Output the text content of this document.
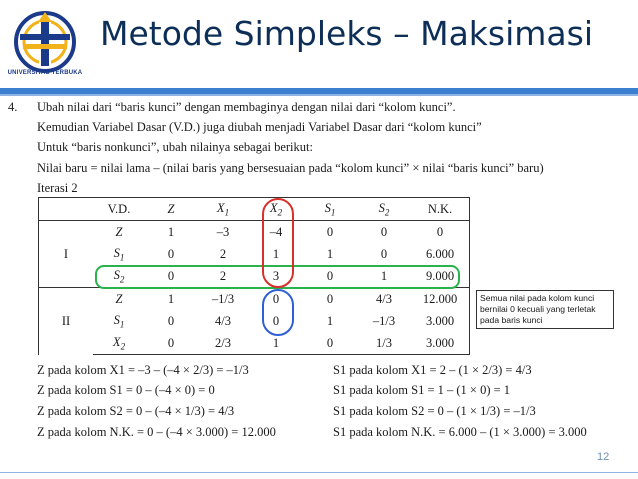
UNIVERSITAS TERBUKA
Metode Simpleks – Maksimasi
4. Ubah nilai dari “baris kunci” dengan membaginya dengan nilai dari “kolom kunci”.
Kemudian Variabel Dasar (V.D.) juga diubah menjadi Variabel Dasar dari “kolom kunci”
Untuk “baris nonkunci”, ubah nilainya sebagai berikut:
Nilai baru = nilai lama – (nilai baris yang bersesuaian pada “kolom kunci” × nilai “baris kunci” baru)
Iterasi 2
	V.D.	Z	$X_1$	$X_2$	$S_1$	$S_2$	N.K.
I	Z	1	–3	–4	0	0	0
	$S_1$	0	2	1	1	0	6.000
	$S_2$	0	2	3	0	1	9.000
II	Z	1	–1/3	0	0	4/3	12.000
	$S_1$	0	4/3	0	1	–1/3	3.000
	$X_2$	0	2/3	1	0	1/3	3.000
Semua nilai pada kolom kunci bernilai 0 kecuali yang terletak pada baris kunci
Z pada kolom X1 = –3 – (–4 × 2/3) = –1/3
Z pada kolom S1 = 0 – (–4 × 0) = 0
Z pada kolom S2 = 0 – (–4 × 1/3) = 4/3
Z pada kolom N.K. = 0 – (–4 × 3.000) = 12.000
S1 pada kolom X1 = 2 – (1 × 2/3) = 4/3
S1 pada kolom S1 = 1 – (1 × 0) = 1
S1 pada kolom S2 = 0 – (1 × 1/3) = –1/3
S1 pada kolom N.K. = 6.000 – (1 × 3.000) = 3.000
12
